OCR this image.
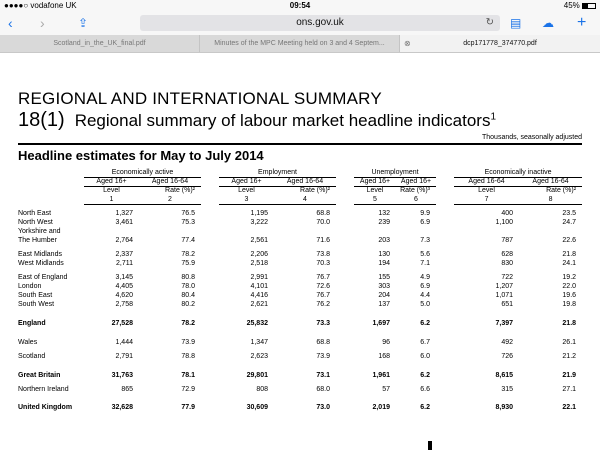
●●●●○ vodafone UK	09:54	45%
‹ ›	⇪	ons.gov.uk	↻ ▤ ☁ +
Scotland_in_the_UK_final.pdf	Minutes of the MPC Meeting held on 3 and 4 Septem...	⊗	dcp171778_374770.pdf
REGIONAL AND INTERNATIONAL SUMMARY
18(1) Regional summary of labour market headline indicators$^1$
Thousands, seasonally adjusted
Headline estimates for May to July 2014
	Economically active			Employment			Unemployment			Economically inactive	
	Aged 16+	Aged 16-64		Aged 16+	Aged 16-64		Aged 16+	Aged 16+		Aged 16-64	Aged 16-64
	Level	Rate (%)²		Level	Rate (%)²		Level	Rate (%)³		Level	Rate (%)²
	1	2		3	4		5	6		7	8

North East	1,327	76.5		1,195	68.8		132	9.9		400	23.5
North West	3,461	75.3		3,222	70.0		239	6.9		1,100	24.7
Yorkshire and											
The Humber	2,764	77.4		2,561	71.6		203	7.3		787	22.6

East Midlands	2,337	78.2		2,206	73.8		130	5.6		628	21.8
West Midlands	2,711	75.9		2,518	70.3		194	7.1		830	24.1

East of England	3,145	80.8		2,991	76.7		155	4.9		722	19.2
London	4,405	78.0		4,101	72.6		303	6.9		1,207	22.0
South East	4,620	80.4		4,416	76.7		204	4.4		1,071	19.6
South West	2,758	80.2		2,621	76.2		137	5.0		651	19.8

England	27,528	78.2		25,832	73.3		1,697	6.2		7,397	21.8

Wales	1,444	73.9		1,347	68.8		96	6.7		492	26.1
Scotland	2,791	78.8		2,623	73.9		168	6.0		726	21.2

Great Britain	31,763	78.1		29,801	73.1		1,961	6.2		8,615	21.9
Northern Ireland	865	72.9		808	68.0		57	6.6		315	27.1

United Kingdom	32,628	77.9		30,609	73.0		2,019	6.2		8,930	22.1
